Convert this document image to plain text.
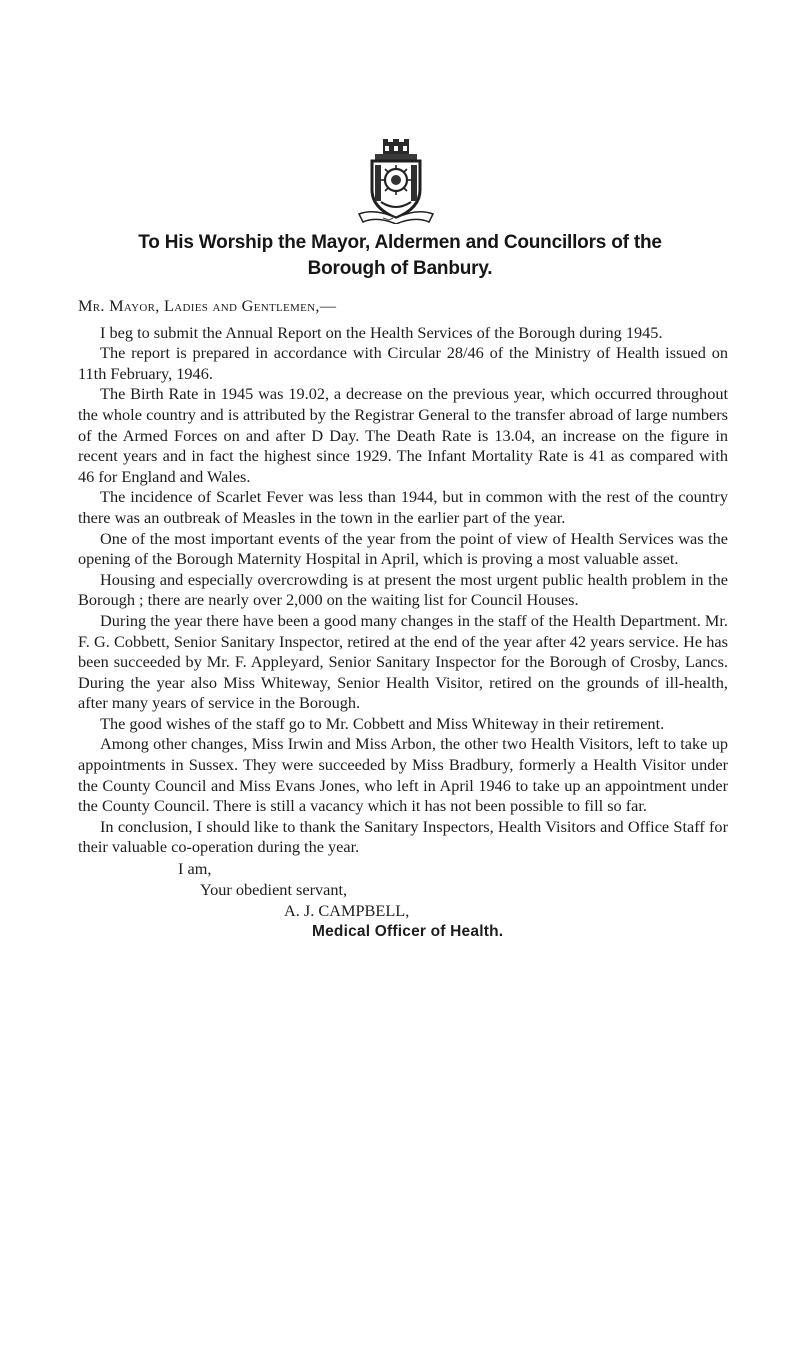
To His Worship the Mayor, Aldermen and Councillors of the
Borough of Banbury.
Mr. Mayor, Ladies and Gentlemen,—

I beg to submit the Annual Report on the Health Services of the Borough during 1945.

The report is prepared in accordance with Circular 28/46 of the Ministry of Health issued on 11th February, 1946.

The Birth Rate in 1945 was 19.02, a decrease on the previous year, which occurred throughout the whole country and is attributed by the Registrar General to the transfer abroad of large numbers of the Armed Forces on and after D Day. The Death Rate is 13.04, an increase on the figure in recent years and in fact the highest since 1929. The Infant Mortality Rate is 41 as compared with 46 for England and Wales.

The incidence of Scarlet Fever was less than 1944, but in common with the rest of the country there was an outbreak of Measles in the town in the earlier part of the year.

One of the most important events of the year from the point of view of Health Services was the opening of the Borough Maternity Hospital in April, which is proving a most valuable asset.

Housing and especially overcrowding is at present the most urgent public health problem in the Borough ; there are nearly over 2,000 on the waiting list for Council Houses.

During the year there have been a good many changes in the staff of the Health Department. Mr. F. G. Cobbett, Senior Sanitary Inspector, retired at the end of the year after 42 years service. He has been succeeded by Mr. F. Appleyard, Senior Sanitary Inspector for the Borough of Crosby, Lancs. During the year also Miss Whiteway, Senior Health Visitor, retired on the grounds of ill-health, after many years of service in the Borough.

The good wishes of the staff go to Mr. Cobbett and Miss Whiteway in their retirement.

Among other changes, Miss Irwin and Miss Arbon, the other two Health Visitors, left to take up appointments in Sussex. They were succeeded by Miss Bradbury, formerly a Health Visitor under the County Council and Miss Evans Jones, who left in April 1946 to take up an appointment under the County Council. There is still a vacancy which it has not been possible to fill so far.

In conclusion, I should like to thank the Sanitary Inspectors, Health Visitors and Office Staff for their valuable co-operation during the year.

I am,
Your obedient servant,
A. J. CAMPBELL,
Medical Officer of Health.
